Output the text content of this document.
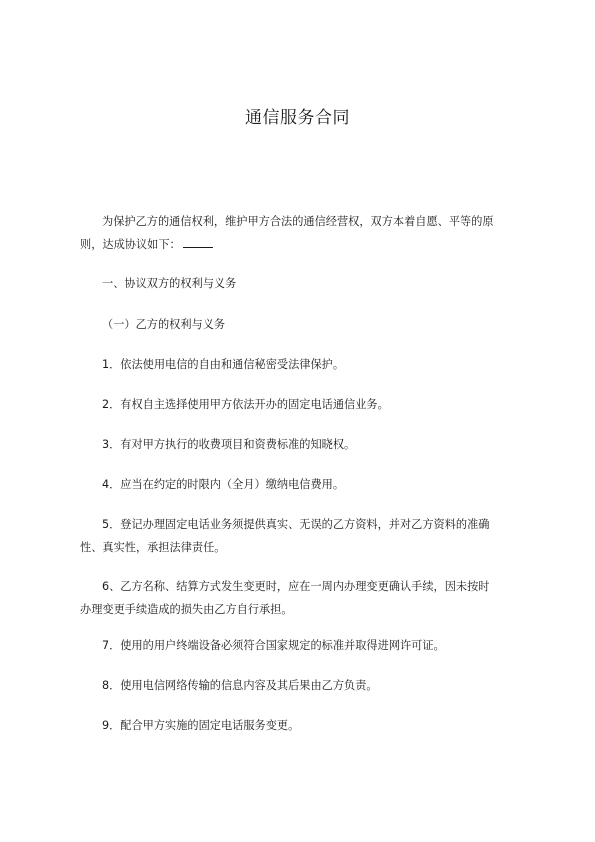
通信服务合同
为保护乙方的通信权利，维护甲方合法的通信经营权，双方本着自愿、平等的原
则，达成协议如下：
一、协议双方的权利与义务
（一）乙方的权利与义务
1．依法使用电信的自由和通信秘密受法律保护。
2．有权自主选择使用甲方依法开办的固定电话通信业务。
3．有对甲方执行的收费项目和资费标准的知晓权。
4．应当在约定的时限内（全月）缴纳电信费用。
5．登记办理固定电话业务须提供真实、无误的乙方资料，并对乙方资料的准确
性、真实性，承担法律责任。
6、乙方名称、结算方式发生变更时，应在一周内办理变更确认手续，因未按时
办理变更手续造成的损失由乙方自行承担。
7．使用的用户终端设备必须符合国家规定的标准并取得进网许可证。
8．使用电信网络传输的信息内容及其后果由乙方负责。
9．配合甲方实施的固定电话服务变更。
